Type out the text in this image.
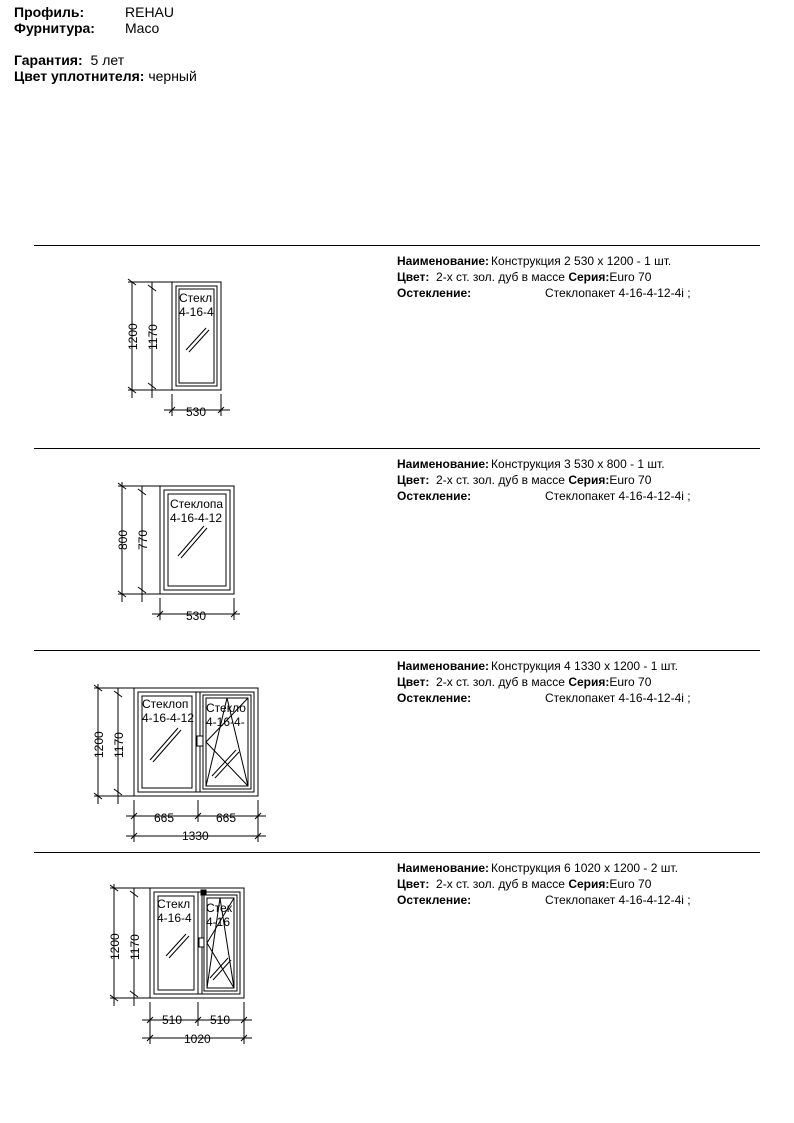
Профиль:	REHAU
Фурнитура: Maco
Гарантия: 5 лет
Цвет уплотнителя: черный
Наименование: Конструкция 2 530 x 1200 - 1 шт.
Цвет: 2-х ст. зол. дуб в массе Серия:Euro 70
Остекление:	Стеклопакет 4-16-4-12-4i ;
Стекл
4-16-4
1200 1170
530
Наименование: Конструкция 3 530 x 800 - 1 шт.
Цвет: 2-х ст. зол. дуб в массе Серия:Euro 70
Остекление:	Стеклопакет 4-16-4-12-4i ;
Стеклопа
4-16-4-12
800 770
530
Наименование: Конструкция 4 1330 x 1200 - 1 шт.
Цвет: 2-х ст. зол. дуб в массе Серия:Euro 70
Остекление:	Стеклопакет 4-16-4-12-4i ;
Стеклоп
4-16-4-12
Стекло
4-16-4-
1200 1170
665	665
1330
Наименование: Конструкция 6 1020 x 1200 - 2 шт.
Цвет: 2-х ст. зол. дуб в массе Серия:Euro 70
Остекление:	Стеклопакет 4-16-4-12-4i ;
Стекл
4-16-4
Стек
4-16
1200 1170
510 510
1020
